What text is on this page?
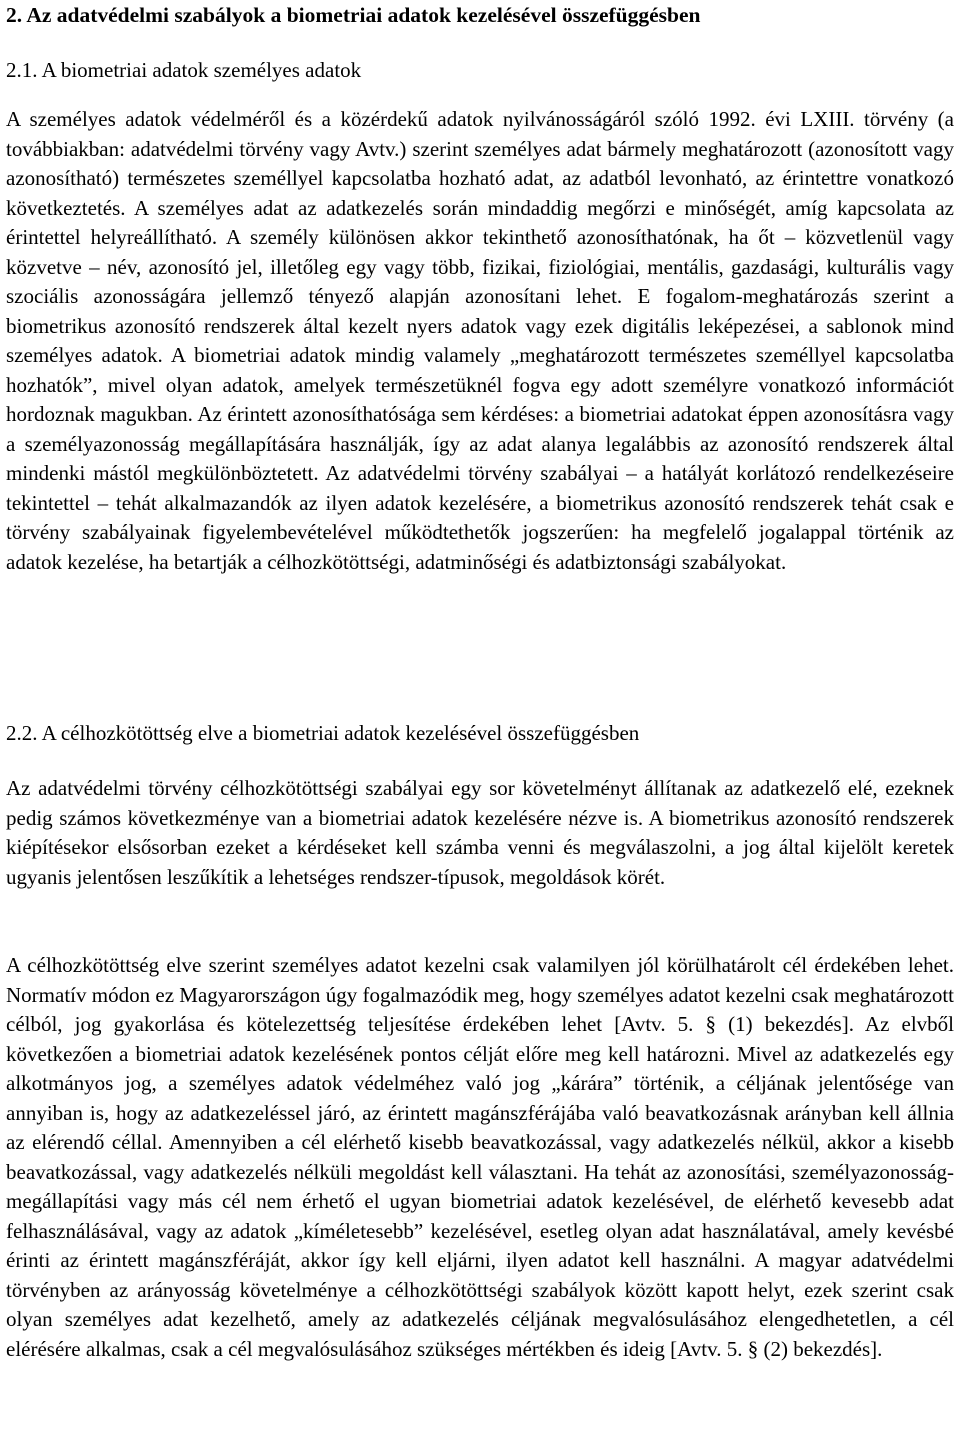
2. Az adatvédelmi szabályok a biometriai adatok kezelésével összefüggésben
2.1. A biometriai adatok személyes adatok

A személyes adatok védelméről és a közérdekű adatok nyilvánosságáról szóló 1992. évi LXIII. törvény (a továbbiakban: adatvédelmi törvény vagy Avtv.) szerint személyes adat bármely meghatározott (azonosított vagy azonosítható) természetes személlyel kapcsolatba hozható adat, az adatból levonható, az érintettre vonatkozó következtetés. A személyes adat az adatkezelés során mindaddig megőrzi e minőségét, amíg kapcsolata az érintettel helyreállítható. A személy különösen akkor tekinthető azonosíthatónak, ha őt – közvetlenül vagy közvetve – név, azonosító jel, illetőleg egy vagy több, fizikai, fiziológiai, mentális, gazdasági, kulturális vagy szociális azonosságára jellemző tényező alapján azonosítani lehet. E fogalom-meghatározás szerint a biometrikus azonosító rendszerek által kezelt nyers adatok vagy ezek digitális leképezései, a sablonok mind személyes adatok. A biometriai adatok mindig valamely „meghatározott természetes személlyel kapcsolatba hozhatók”, mivel olyan adatok, amelyek természetüknél fogva egy adott személyre vonatkozó információt hordoznak magukban. Az érintett azonosíthatósága sem kérdéses: a biometriai adatokat éppen azonosításra vagy a személyazonosság megállapítására használják, így az adat alanya legalábbis az azonosító rendszerek által mindenki mástól megkülönböztetett. Az adatvédelmi törvény szabályai – a hatályát korlátozó rendelkezéseire tekintettel – tehát alkalmazandók az ilyen adatok kezelésére, a biometrikus azonosító rendszerek tehát csak e törvény szabályainak figyelembevételével működtethetők jogszerűen: ha megfelelő jogalappal történik az adatok kezelése, ha betartják a célhozkötöttségi, adatminőségi és adatbiztonsági szabályokat.

2.2. A célhozkötöttség elve a biometriai adatok kezelésével összefüggésben

Az adatvédelmi törvény célhozkötöttségi szabályai egy sor követelményt állítanak az adatkezelő elé, ezeknek pedig számos következménye van a biometriai adatok kezelésére nézve is. A biometrikus azonosító rendszerek kiépítésekor elsősorban ezeket a kérdéseket kell számba venni és megválaszolni, a jog által kijelölt keretek ugyanis jelentősen leszűkítik a lehetséges rendszer-típusok, megoldások körét.

A célhozkötöttség elve szerint személyes adatot kezelni csak valamilyen jól körülhatárolt cél érdekében lehet. Normatív módon ez Magyarországon úgy fogalmazódik meg, hogy személyes adatot kezelni csak meghatározott célból, jog gyakorlása és kötelezettség teljesítése érdekében lehet [Avtv. 5. § (1) bekezdés]. Az elvből következően a biometriai adatok kezelésének pontos célját előre meg kell határozni. Mivel az adatkezelés egy alkotmányos jog, a személyes adatok védelméhez való jog „kárára” történik, a céljának jelentősége van annyiban is, hogy az adatkezeléssel járó, az érintett magánszférájába való beavatkozásnak arányban kell állnia az elérendő céllal. Amennyiben a cél elérhető kisebb beavatkozással, vagy adatkezelés nélkül, akkor a kisebb beavatkozással, vagy adatkezelés nélküli megoldást kell választani. Ha tehát az azonosítási, személyazonosság-megállapítási vagy más cél nem érhető el ugyan biometriai adatok kezelésével, de elérhető kevesebb adat felhasználásával, vagy az adatok „kíméletesebb” kezelésével, esetleg olyan adat használatával, amely kevésbé érinti az érintett magánszféráját, akkor így kell eljárni, ilyen adatot kell használni. A magyar adatvédelmi törvényben az arányosság követelménye a célhozkötöttségi szabályok között kapott helyt, ezek szerint csak olyan személyes adat kezelhető, amely az adatkezelés céljának megvalósulásához elengedhetetlen, a cél elérésére alkalmas, csak a cél megvalósulásához szükséges mértékben és ideig [Avtv. 5. § (2) bekezdés].
